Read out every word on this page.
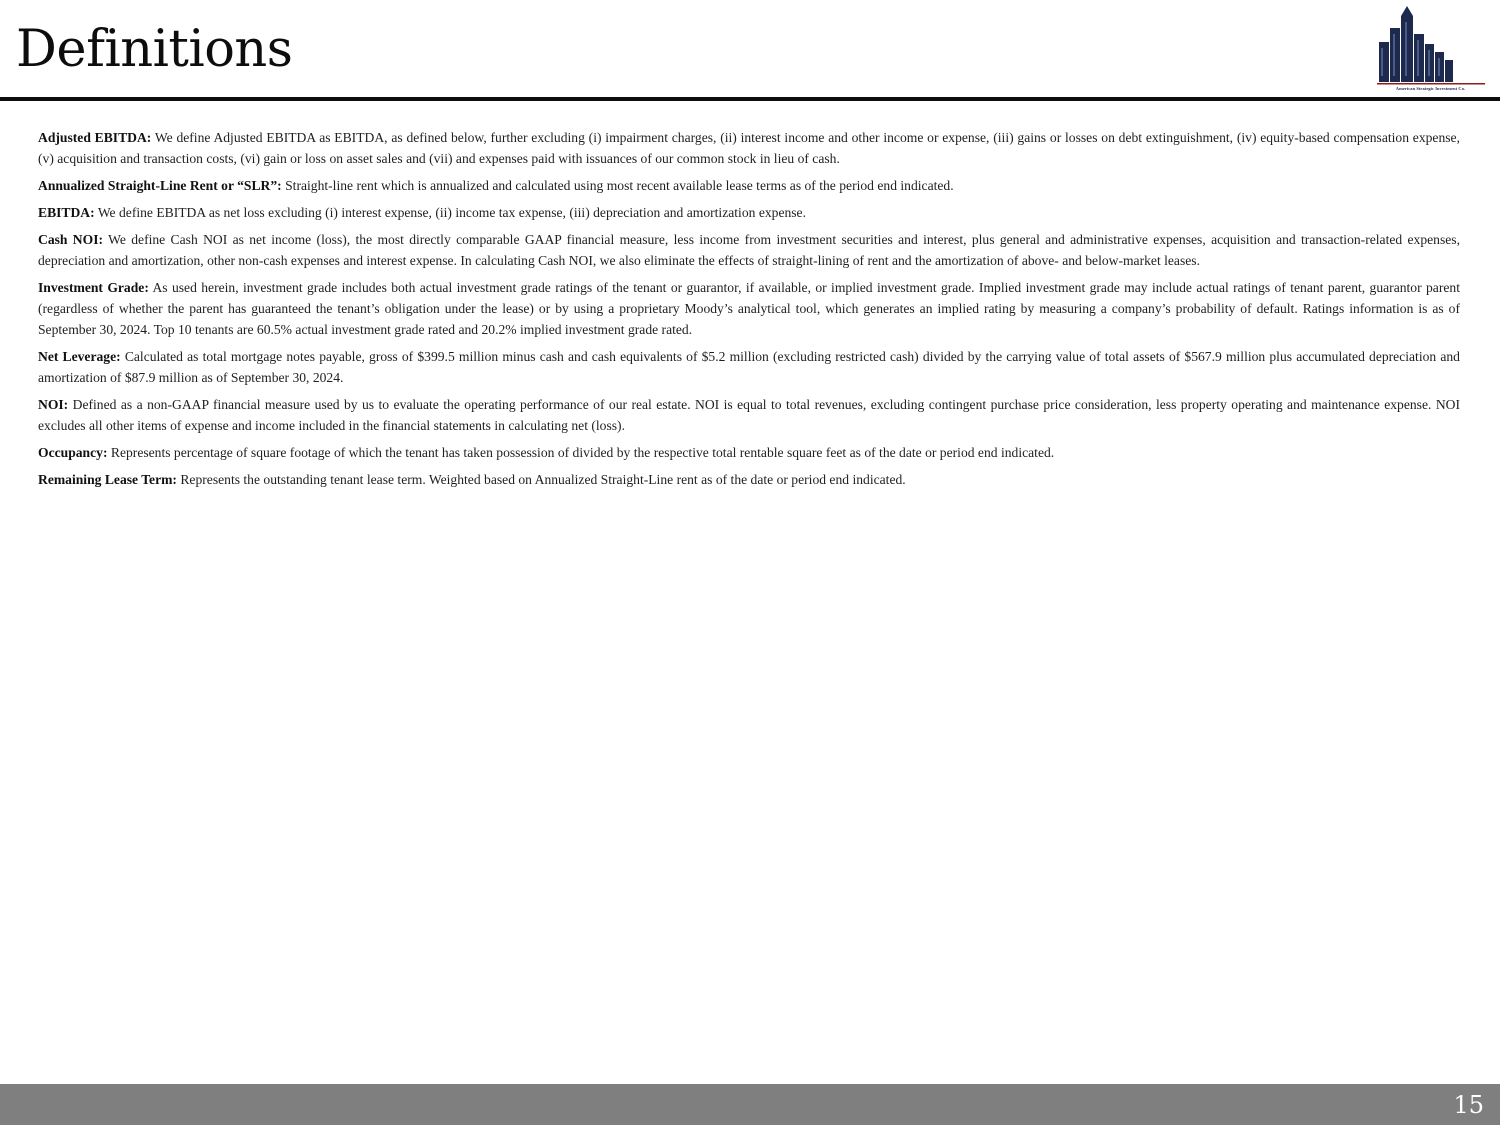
Definitions
American Strategic Investment Co.

Adjusted EBITDA: We define Adjusted EBITDA as EBITDA, as defined below, further excluding (i) impairment charges, (ii) interest income and other income or expense, (iii) gains or losses on debt extinguishment, (iv) equity-based compensation expense, (v) acquisition and transaction costs, (vi) gain or loss on asset sales and (vii) and expenses paid with issuances of our common stock in lieu of cash.

Annualized Straight-Line Rent or “SLR”: Straight-line rent which is annualized and calculated using most recent available lease terms as of the period end indicated.

EBITDA: We define EBITDA as net loss excluding (i) interest expense, (ii) income tax expense, (iii) depreciation and amortization expense.

Cash NOI: We define Cash NOI as net income (loss), the most directly comparable GAAP financial measure, less income from investment securities and interest, plus general and administrative expenses, acquisition and transaction-related expenses, depreciation and amortization, other non-cash expenses and interest expense. In calculating Cash NOI, we also eliminate the effects of straight-lining of rent and the amortization of above- and below-market leases.

Investment Grade: As used herein, investment grade includes both actual investment grade ratings of the tenant or guarantor, if available, or implied investment grade. Implied investment grade may include actual ratings of tenant parent, guarantor parent (regardless of whether the parent has guaranteed the tenant’s obligation under the lease) or by using a proprietary Moody’s analytical tool, which generates an implied rating by measuring a company’s probability of default. Ratings information is as of September 30, 2024. Top 10 tenants are 60.5% actual investment grade rated and 20.2% implied investment grade rated.

Net Leverage: Calculated as total mortgage notes payable, gross of $399.5 million minus cash and cash equivalents of $5.2 million (excluding restricted cash) divided by the carrying value of total assets of $567.9 million plus accumulated depreciation and amortization of $87.9 million as of September 30, 2024.

NOI: Defined as a non-GAAP financial measure used by us to evaluate the operating performance of our real estate. NOI is equal to total revenues, excluding contingent purchase price consideration, less property operating and maintenance expense. NOI excludes all other items of expense and income included in the financial statements in calculating net (loss).

Occupancy: Represents percentage of square footage of which the tenant has taken possession of divided by the respective total rentable square feet as of the date or period end indicated.

Remaining Lease Term: Represents the outstanding tenant lease term. Weighted based on Annualized Straight-Line rent as of the date or period end indicated.

15
